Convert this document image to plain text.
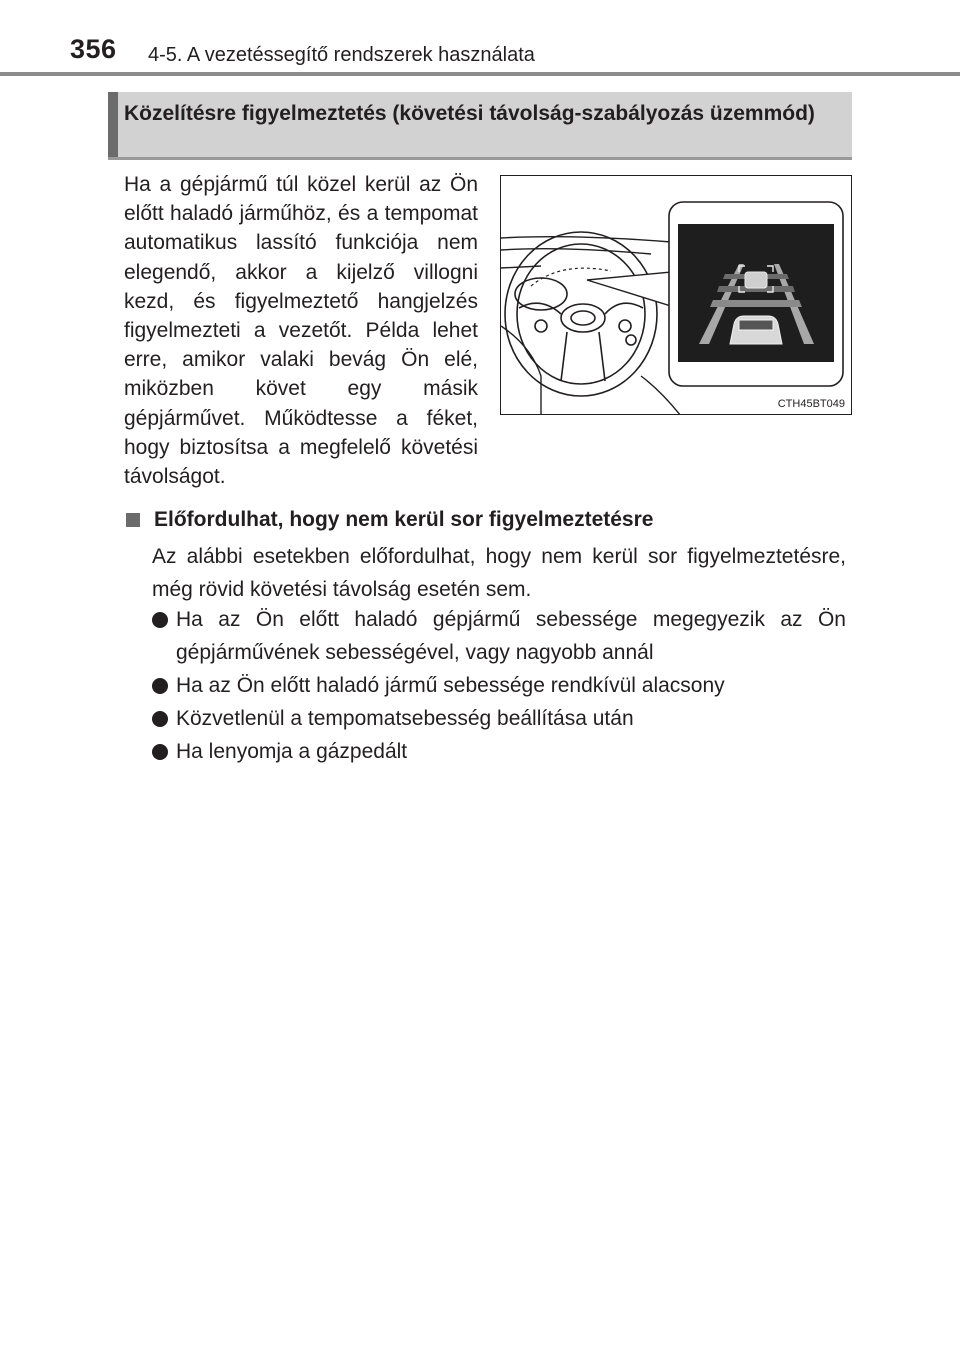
356 4-5. A vezetéssegítő rendszerek használata
Közelítésre figyelmeztetés (követési távolság-szabályozás üzemmód)

Ha a gépjármű túl közel kerül az Ön előtt haladó járműhöz, és a tempomat automatikus lassító funkciója nem elegendő, akkor a kijelző villogni kezd, és figyelmeztető hangjelzés figyelmezteti a vezetőt. Példa lehet erre, amikor valaki bevág Ön elé, miközben követ egy másik gépjárművet. Működtesse a féket, hogy biztosítsa a megfelelő követési távolságot.

CTH45BT049
Előfordulhat, hogy nem kerül sor figyelmeztetésre

Az alábbi esetekben előfordulhat, hogy nem kerül sor figyelmeztetésre, még rövid követési távolság esetén sem.

Ha az Ön előtt haladó gépjármű sebessége megegyezik az Ön gépjárművének sebességével, vagy nagyobb annál
Ha az Ön előtt haladó jármű sebessége rendkívül alacsony
Közvetlenül a tempomatsebesség beállítása után
Ha lenyomja a gázpedált
